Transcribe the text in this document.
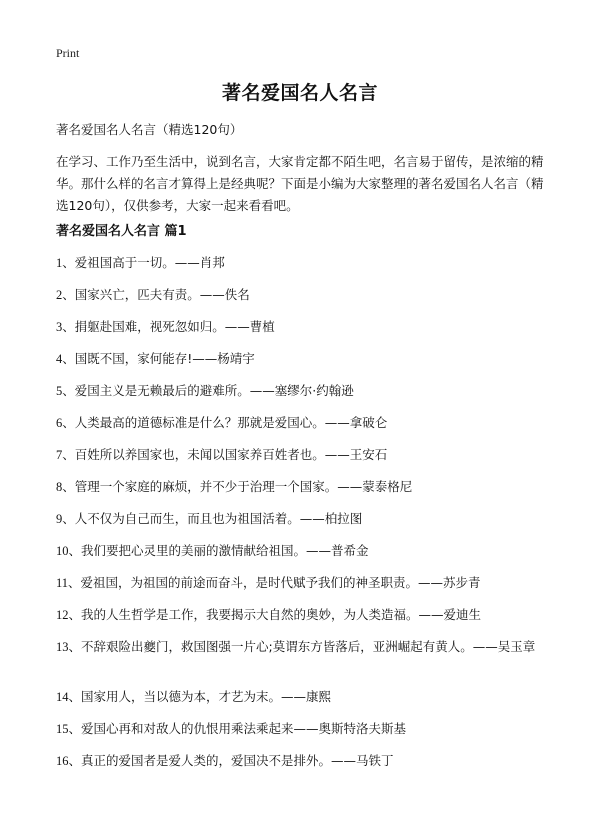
Print
著名爱国名人名言
著名爱国名人名言（精选120句）
在学习、工作乃至生活中，说到名言，大家肯定都不陌生吧，名言易于留传，是浓缩的精华。那什么样的名言才算得上是经典呢？下面是小编为大家整理的著名爱国名人名言（精选120句），仅供参考，大家一起来看看吧。
著名爱国名人名言 篇1
1、爱祖国高于一切。——肖邦
2、国家兴亡，匹夫有责。——佚名
3、捐躯赴国难，视死忽如归。——曹植
4、国既不国，家何能存!——杨靖宇
5、爱国主义是无赖最后的避难所。——塞缪尔·约翰逊
6、人类最高的道德标准是什么？那就是爱国心。——拿破仑
7、百姓所以养国家也，未闻以国家养百姓者也。——王安石
8、管理一个家庭的麻烦，并不少于治理一个国家。——蒙泰格尼
9、人不仅为自己而生，而且也为祖国活着。——柏拉图
10、我们要把心灵里的美丽的激情献给祖国。——普希金
11、爱祖国，为祖国的前途而奋斗，是时代赋予我们的神圣职责。——苏步青
12、我的人生哲学是工作，我要揭示大自然的奥妙，为人类造福。——爱迪生
13、不辞艰险出夔门，救国图强一片心;莫谓东方皆落后，亚洲崛起有黄人。——吴玉章
14、国家用人，当以德为本，才艺为末。——康熙
15、爱国心再和对敌人的仇恨用乘法乘起来——奥斯特洛夫斯基
16、真正的爱国者是爱人类的，爱国决不是排外。——马铁丁
